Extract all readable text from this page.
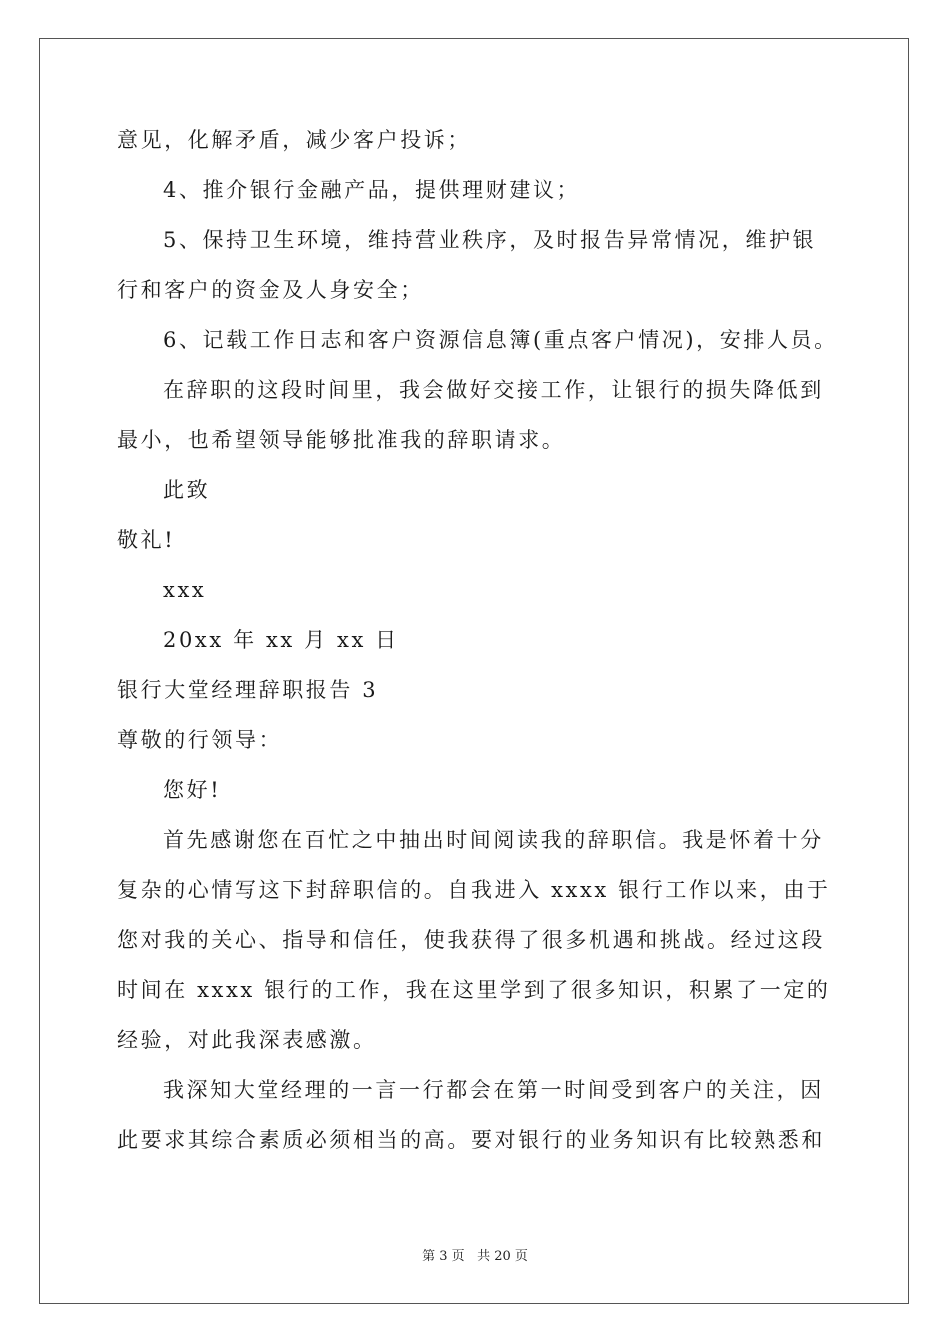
意见，化解矛盾，减少客户投诉；
4、推介银行金融产品，提供理财建议；
5、保持卫生环境，维持营业秩序，及时报告异常情况，维护银
行和客户的资金及人身安全；
6、记载工作日志和客户资源信息簿(重点客户情况)，安排人员。
在辞职的这段时间里，我会做好交接工作，让银行的损失降低到
最小，也希望领导能够批准我的辞职请求。
此致
敬礼!
xxx
20xx 年 xx 月 xx 日
银行大堂经理辞职报告 3
尊敬的行领导：
您好!
首先感谢您在百忙之中抽出时间阅读我的辞职信。我是怀着十分
复杂的心情写这下封辞职信的。自我进入 xxxx 银行工作以来，由于
您对我的关心、指导和信任，使我获得了很多机遇和挑战。经过这段
时间在 xxxx 银行的工作，我在这里学到了很多知识，积累了一定的
经验，对此我深表感激。
我深知大堂经理的一言一行都会在第一时间受到客户的关注，因
此要求其综合素质必须相当的高。要对银行的业务知识有比较熟悉和
第 3 页 共 20 页
